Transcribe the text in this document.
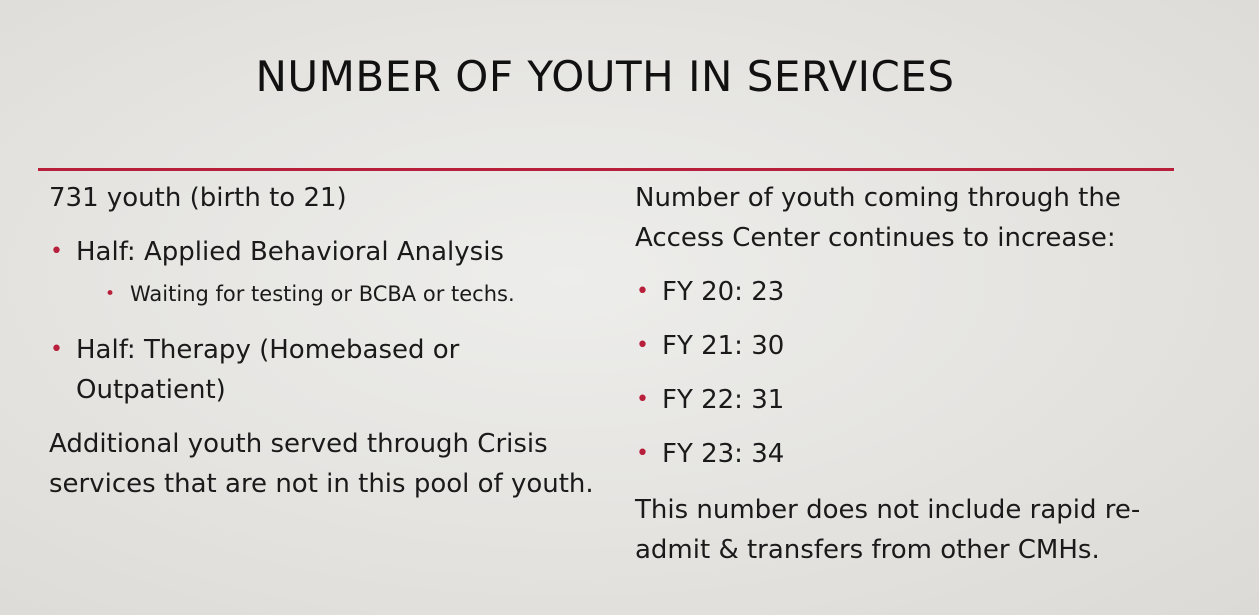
NUMBER OF YOUTH IN SERVICES

731 youth (birth to 21)

• Half: Applied Behavioral Analysis
• Waiting for testing or BCBA or techs.
• Half: Therapy (Homebased or
Outpatient)

Additional youth served through Crisis
services that are not in this pool of youth.

Number of youth coming through the
Access Center continues to increase:

• FY 20: 23
• FY 21: 30
• FY 22: 31
• FY 23: 34

This number does not include rapid re-
admit & transfers from other CMHs.
